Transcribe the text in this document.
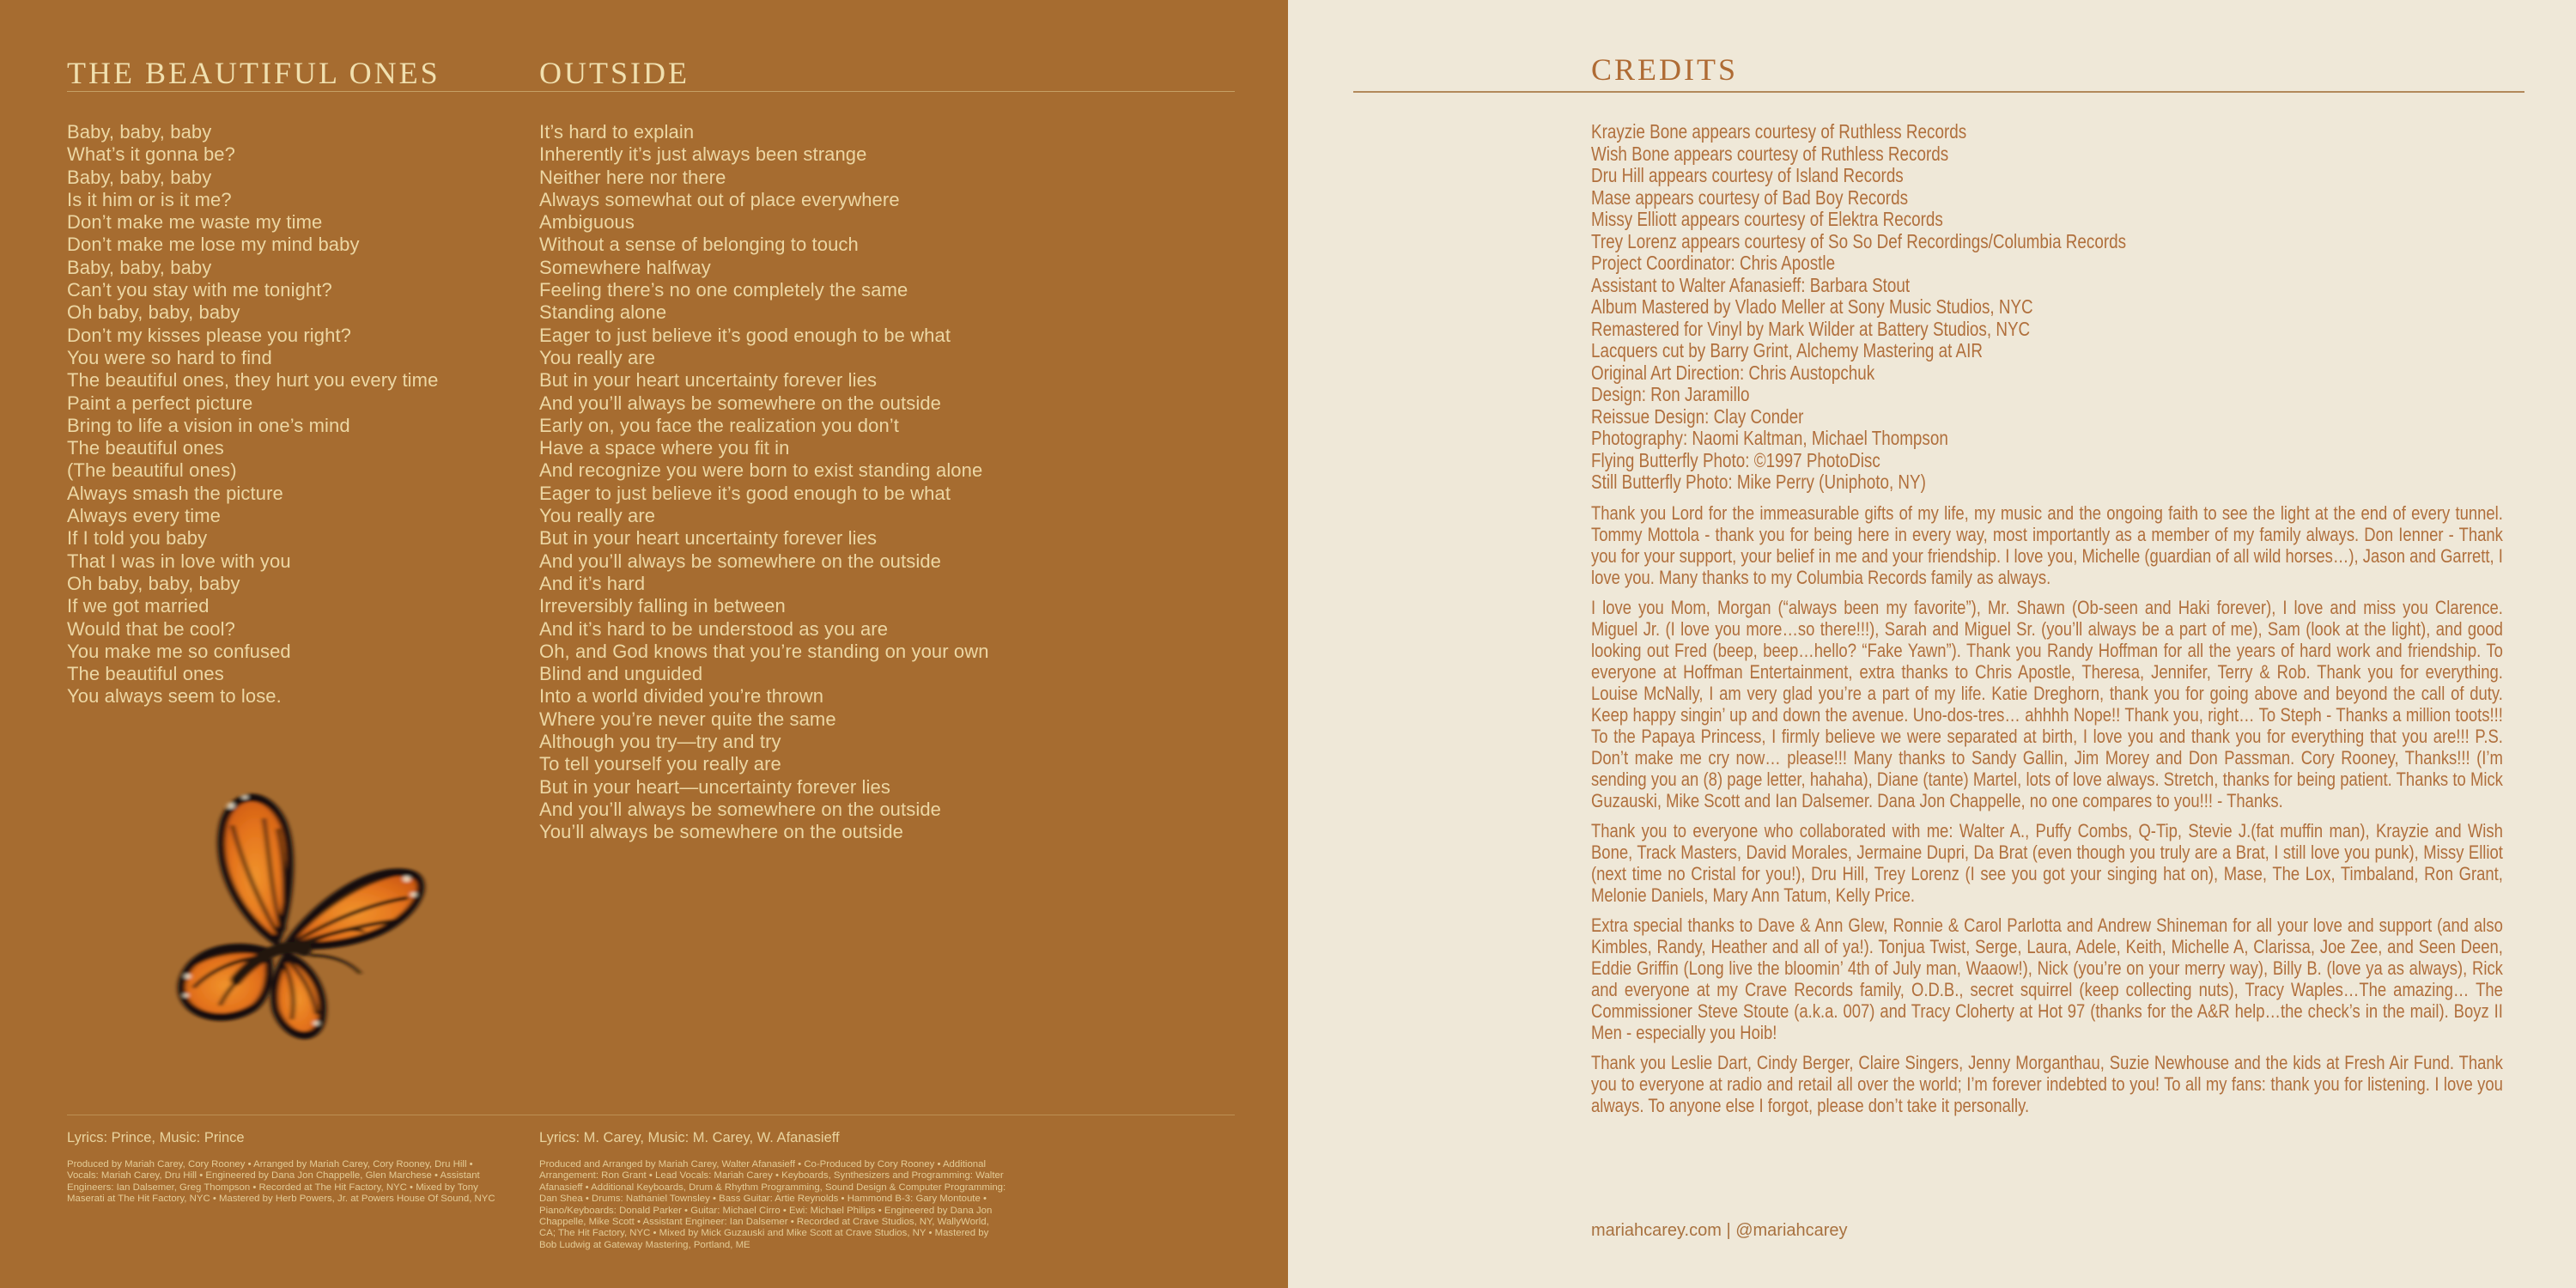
THE BEAUTIFUL ONES	OUTSIDE
Baby, baby, baby
What’s it gonna be?
Baby, baby, baby
Is it him or is it me?
Don’t make me waste my time
Don’t make me lose my mind baby
Baby, baby, baby
Can’t you stay with me tonight?
Oh baby, baby, baby
Don’t my kisses please you right?
You were so hard to find
The beautiful ones, they hurt you every time
Paint a perfect picture
Bring to life a vision in one’s mind
The beautiful ones
(The beautiful ones)
Always smash the picture
Always every time
If I told you baby
That I was in love with you
Oh baby, baby, baby
If we got married
Would that be cool?
You make me so confused
The beautiful ones
You always seem to lose.
It’s hard to explain
Inherently it’s just always been strange
Neither here nor there
Always somewhat out of place everywhere
Ambiguous
Without a sense of belonging to touch
Somewhere halfway
Feeling there’s no one completely the same
Standing alone
Eager to just believe it’s good enough to be what
You really are
But in your heart uncertainty forever lies
And you’ll always be somewhere on the outside
Early on, you face the realization you don’t
Have a space where you fit in
And recognize you were born to exist standing alone
Eager to just believe it’s good enough to be what
You really are
But in your heart uncertainty forever lies
And you’ll always be somewhere on the outside
And it’s hard
Irreversibly falling in between
And it’s hard to be understood as you are
Oh, and God knows that you’re standing on your own
Blind and unguided
Into a world divided you’re thrown
Where you’re never quite the same
Although you try—try and try
To tell yourself you really are
But in your heart—uncertainty forever lies
And you’ll always be somewhere on the outside
You’ll always be somewhere on the outside
Lyrics: Prince, Music: Prince	Lyrics: M. Carey, Music: M. Carey, W. Afanasieff
Produced by Mariah Carey, Cory Rooney • Arranged by Mariah Carey, Cory Rooney, Dru Hill • Vocals: Mariah Carey, Dru Hill • Engineered by Dana Jon Chappelle, Glen Marchese • Assistant Engineers: Ian Dalsemer, Greg Thompson • Recorded at The Hit Factory, NYC • Mixed by Tony Maserati at The Hit Factory, NYC • Mastered by Herb Powers, Jr. at Powers House Of Sound, NYC
Produced and Arranged by Mariah Carey, Walter Afanasieff • Co-Produced by Cory Rooney • Additional Arrangement: Ron Grant • Lead Vocals: Mariah Carey • Keyboards, Synthesizers and Programming: Walter Afanasieff • Additional Keyboards, Drum & Rhythm Programming, Sound Design & Computer Programming: Dan Shea • Drums: Nathaniel Townsley • Bass Guitar: Artie Reynolds • Hammond B-3: Gary Montoute • Piano/Keyboards: Donald Parker • Guitar: Michael Cirro • Ewi: Michael Philips • Engineered by Dana Jon Chappelle, Mike Scott • Assistant Engineer: Ian Dalsemer • Recorded at Crave Studios, NY, WallyWorld, CA; The Hit Factory, NYC • Mixed by Mick Guzauski and Mike Scott at Crave Studios, NY • Mastered by Bob Ludwig at Gateway Mastering, Portland, ME
CREDITS
Krayzie Bone appears courtesy of Ruthless Records
Wish Bone appears courtesy of Ruthless Records
Dru Hill appears courtesy of Island Records
Mase appears courtesy of Bad Boy Records
Missy Elliott appears courtesy of Elektra Records
Trey Lorenz appears courtesy of So So Def Recordings/Columbia Records
Project Coordinator: Chris Apostle
Assistant to Walter Afanasieff: Barbara Stout
Album Mastered by Vlado Meller at Sony Music Studios, NYC
Remastered for Vinyl by Mark Wilder at Battery Studios, NYC
Lacquers cut by Barry Grint, Alchemy Mastering at AIR
Original Art Direction: Chris Austopchuk
Design: Ron Jaramillo
Reissue Design: Clay Conder
Photography: Naomi Kaltman, Michael Thompson
Flying Butterfly Photo: ©1997 PhotoDisc
Still Butterfly Photo: Mike Perry (Uniphoto, NY)
Thank you Lord for the immeasurable gifts of my life, my music and the ongoing faith to see the light at the end of every tunnel. Tommy Mottola - thank you for being here in every way, most importantly as a member of my family always. Don Ienner - Thank you for your support, your belief in me and your friendship. I love you, Michelle (guardian of all wild horses…), Jason and Garrett, I love you. Many thanks to my Columbia Records family as always.
I love you Mom, Morgan (“always been my favorite”), Mr. Shawn (Ob-seen and Haki forever), I love and miss you Clarence. Miguel Jr. (I love you more…so there!!!), Sarah and Miguel Sr. (you’ll always be a part of me), Sam (look at the light), and good looking out Fred (beep, beep…hello? “Fake Yawn”). Thank you Randy Hoffman for all the years of hard work and friendship. To everyone at Hoffman Entertainment, extra thanks to Chris Apostle, Theresa, Jennifer, Terry & Rob. Thank you for everything. Louise McNally, I am very glad you’re a part of my life. Katie Dreghorn, thank you for going above and beyond the call of duty. Keep happy singin’ up and down the avenue. Uno-dos-tres… ahhhh Nope!! Thank you, right… To Steph - Thanks a million toots!!! To the Papaya Princess, I firmly believe we were separated at birth, I love you and thank you for everything that you are!!! P.S. Don’t make me cry now… please!!! Many thanks to Sandy Gallin, Jim Morey and Don Passman. Cory Rooney, Thanks!!! (I’m sending you an (8) page letter, hahaha), Diane (tante) Martel, lots of love always. Stretch, thanks for being patient. Thanks to Mick Guzauski, Mike Scott and Ian Dalsemer. Dana Jon Chappelle, no one compares to you!!! - Thanks.
Thank you to everyone who collaborated with me: Walter A., Puffy Combs, Q-Tip, Stevie J.(fat muffin man), Krayzie and Wish Bone, Track Masters, David Morales, Jermaine Dupri, Da Brat (even though you truly are a Brat, I still love you punk), Missy Elliot (next time no Cristal for you!), Dru Hill, Trey Lorenz (I see you got your singing hat on), Mase, The Lox, Timbaland, Ron Grant, Melonie Daniels, Mary Ann Tatum, Kelly Price.
Extra special thanks to Dave & Ann Glew, Ronnie & Carol Parlotta and Andrew Shineman for all your love and support (and also Kimbles, Randy, Heather and all of ya!). Tonjua Twist, Serge, Laura, Adele, Keith, Michelle A, Clarissa, Joe Zee, and Seen Deen, Eddie Griffin (Long live the bloomin’ 4th of July man, Waaow!), Nick (you’re on your merry way), Billy B. (love ya as always), Rick and everyone at my Crave Records family, O.D.B., secret squirrel (keep collecting nuts), Tracy Waples…The amazing… The Commissioner Steve Stoute (a.k.a. 007) and Tracy Cloherty at Hot 97 (thanks for the A&R help…the check’s in the mail). Boyz II Men - especially you Hoib!
Thank you Leslie Dart, Cindy Berger, Claire Singers, Jenny Morganthau, Suzie Newhouse and the kids at Fresh Air Fund. Thank you to everyone at radio and retail all over the world; I’m forever indebted to you! To all my fans: thank you for listening. I love you always. To anyone else I forgot, please don’t take it personally.
mariahcarey.com | @mariahcarey
